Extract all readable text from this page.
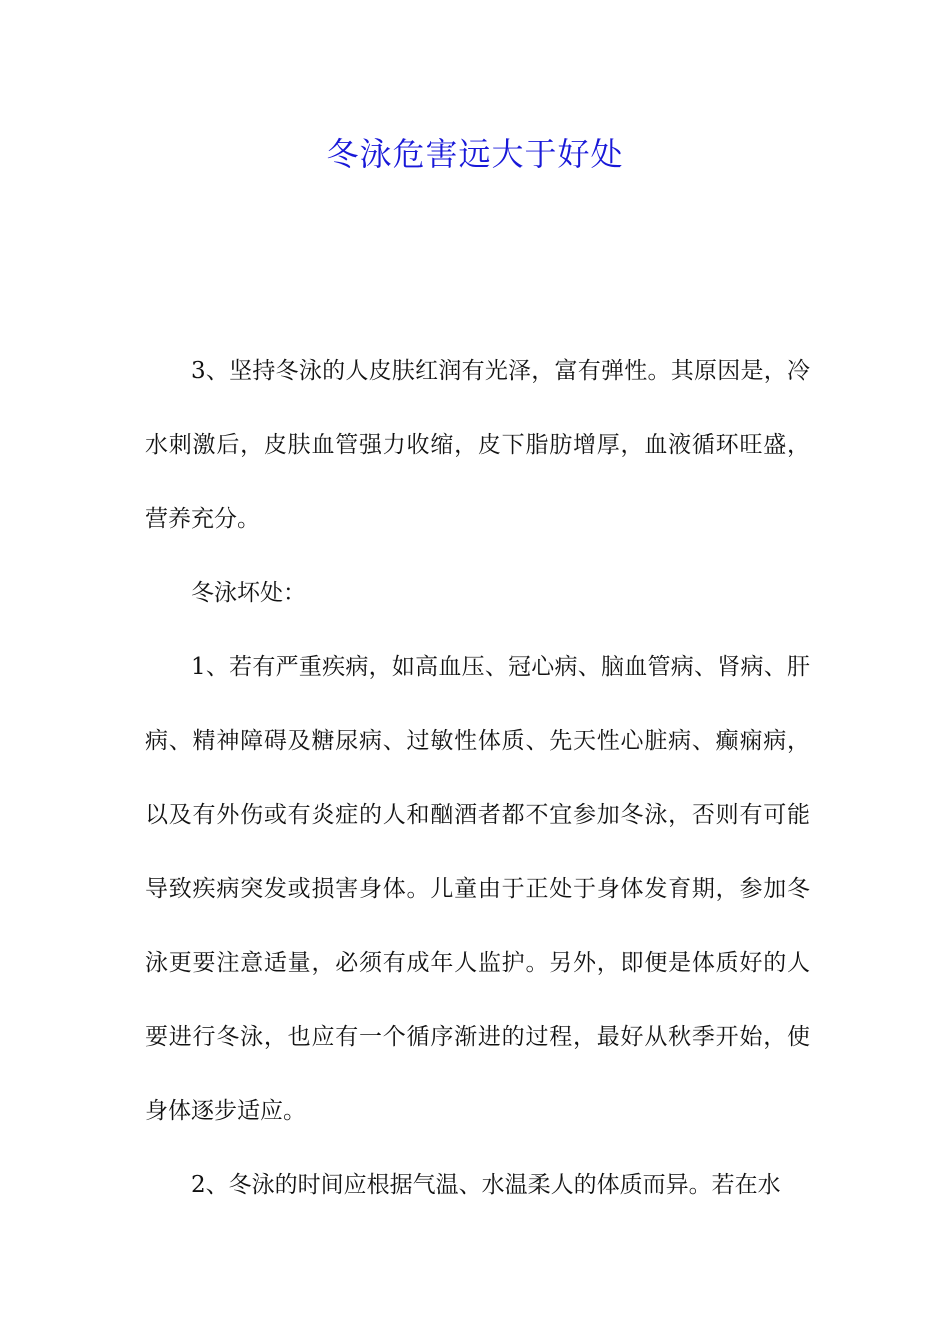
冬泳危害远大于好处

3、坚持冬泳的人皮肤红润有光泽，富有弹性。其原因是，冷水刺激后，皮肤血管强力收缩，皮下脂肪增厚，血液循环旺盛，营养充分。

冬泳坏处：

1、若有严重疾病，如高血压、冠心病、脑血管病、肾病、肝病、精神障碍及糖尿病、过敏性体质、先天性心脏病、癫痫病，以及有外伤或有炎症的人和酗酒者都不宜参加冬泳，否则有可能导致疾病突发或损害身体。儿童由于正处于身体发育期，参加冬泳更要注意适量，必须有成年人监护。另外，即便是体质好的人要进行冬泳，也应有一个循序渐进的过程，最好从秋季开始，使身体逐步适应。

2、冬泳的时间应根据气温、水温柔人的体质而异。若在水
